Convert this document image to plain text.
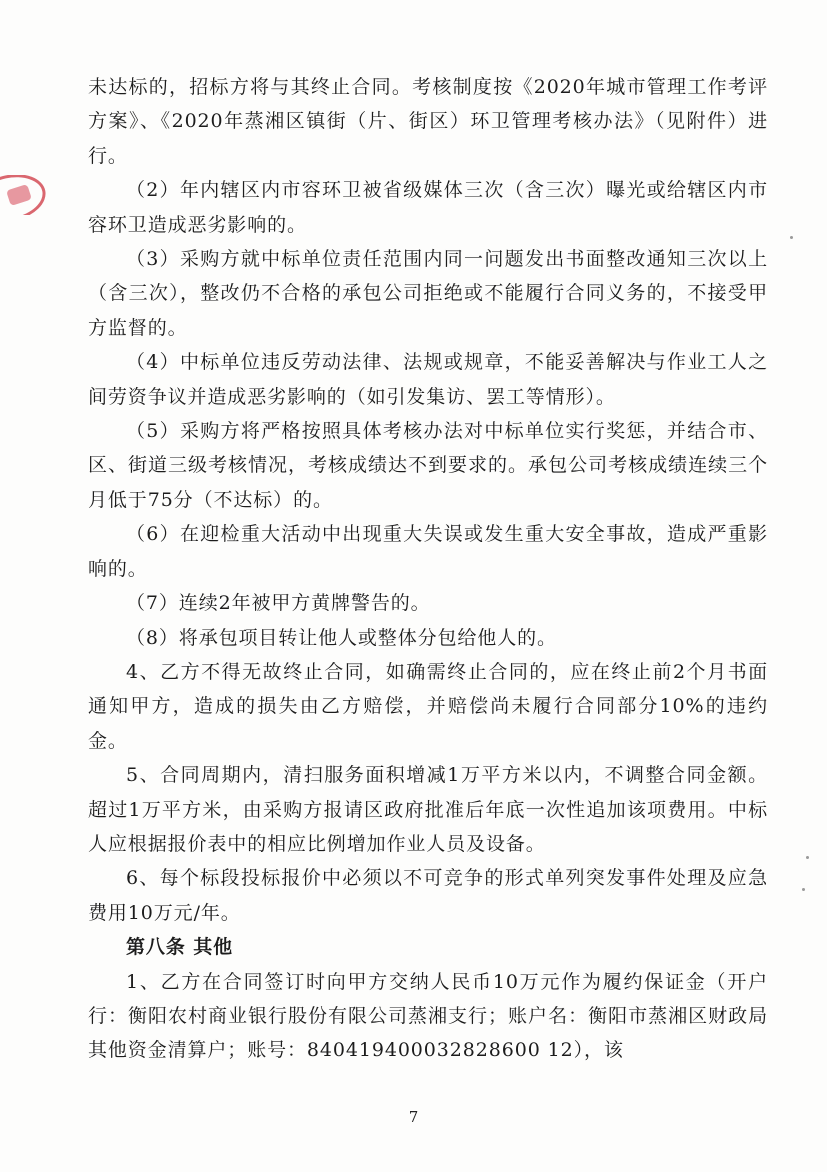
未达标的，招标方将与其终止合同。考核制度按《2020年城市管理工作考评方案》、《2020年蒸湘区镇街（片、街区）环卫管理考核办法》（见附件）进行。

（2）年内辖区内市容环卫被省级媒体三次（含三次）曝光或给辖区内市容环卫造成恶劣影响的。

（3）采购方就中标单位责任范围内同一问题发出书面整改通知三次以上（含三次），整改仍不合格的承包公司拒绝或不能履行合同义务的，不接受甲方监督的。

（4）中标单位违反劳动法律、法规或规章，不能妥善解决与作业工人之间劳资争议并造成恶劣影响的（如引发集访、罢工等情形）。

（5）采购方将严格按照具体考核办法对中标单位实行奖惩，并结合市、区、街道三级考核情况，考核成绩达不到要求的。承包公司考核成绩连续三个月低于75分（不达标）的。

（6）在迎检重大活动中出现重大失误或发生重大安全事故，造成严重影响的。

（7）连续2年被甲方黄牌警告的。

（8）将承包项目转让他人或整体分包给他人的。

4、乙方不得无故终止合同，如确需终止合同的，应在终止前2个月书面通知甲方，造成的损失由乙方赔偿，并赔偿尚未履行合同部分10%的违约金。

5、合同周期内，清扫服务面积增减1万平方米以内，不调整合同金额。超过1万平方米，由采购方报请区政府批准后年底一次性追加该项费用。中标人应根据报价表中的相应比例增加作业人员及设备。

6、每个标段投标报价中必须以不可竞争的形式单列突发事件处理及应急费用10万元/年。

第八条 其他

1、乙方在合同签订时向甲方交纳人民币10万元作为履约保证金（开户行：衡阳农村商业银行股份有限公司蒸湘支行；账户名：衡阳市蒸湘区财政局其他资金清算户；账号：840419400032828600 12），该

7
